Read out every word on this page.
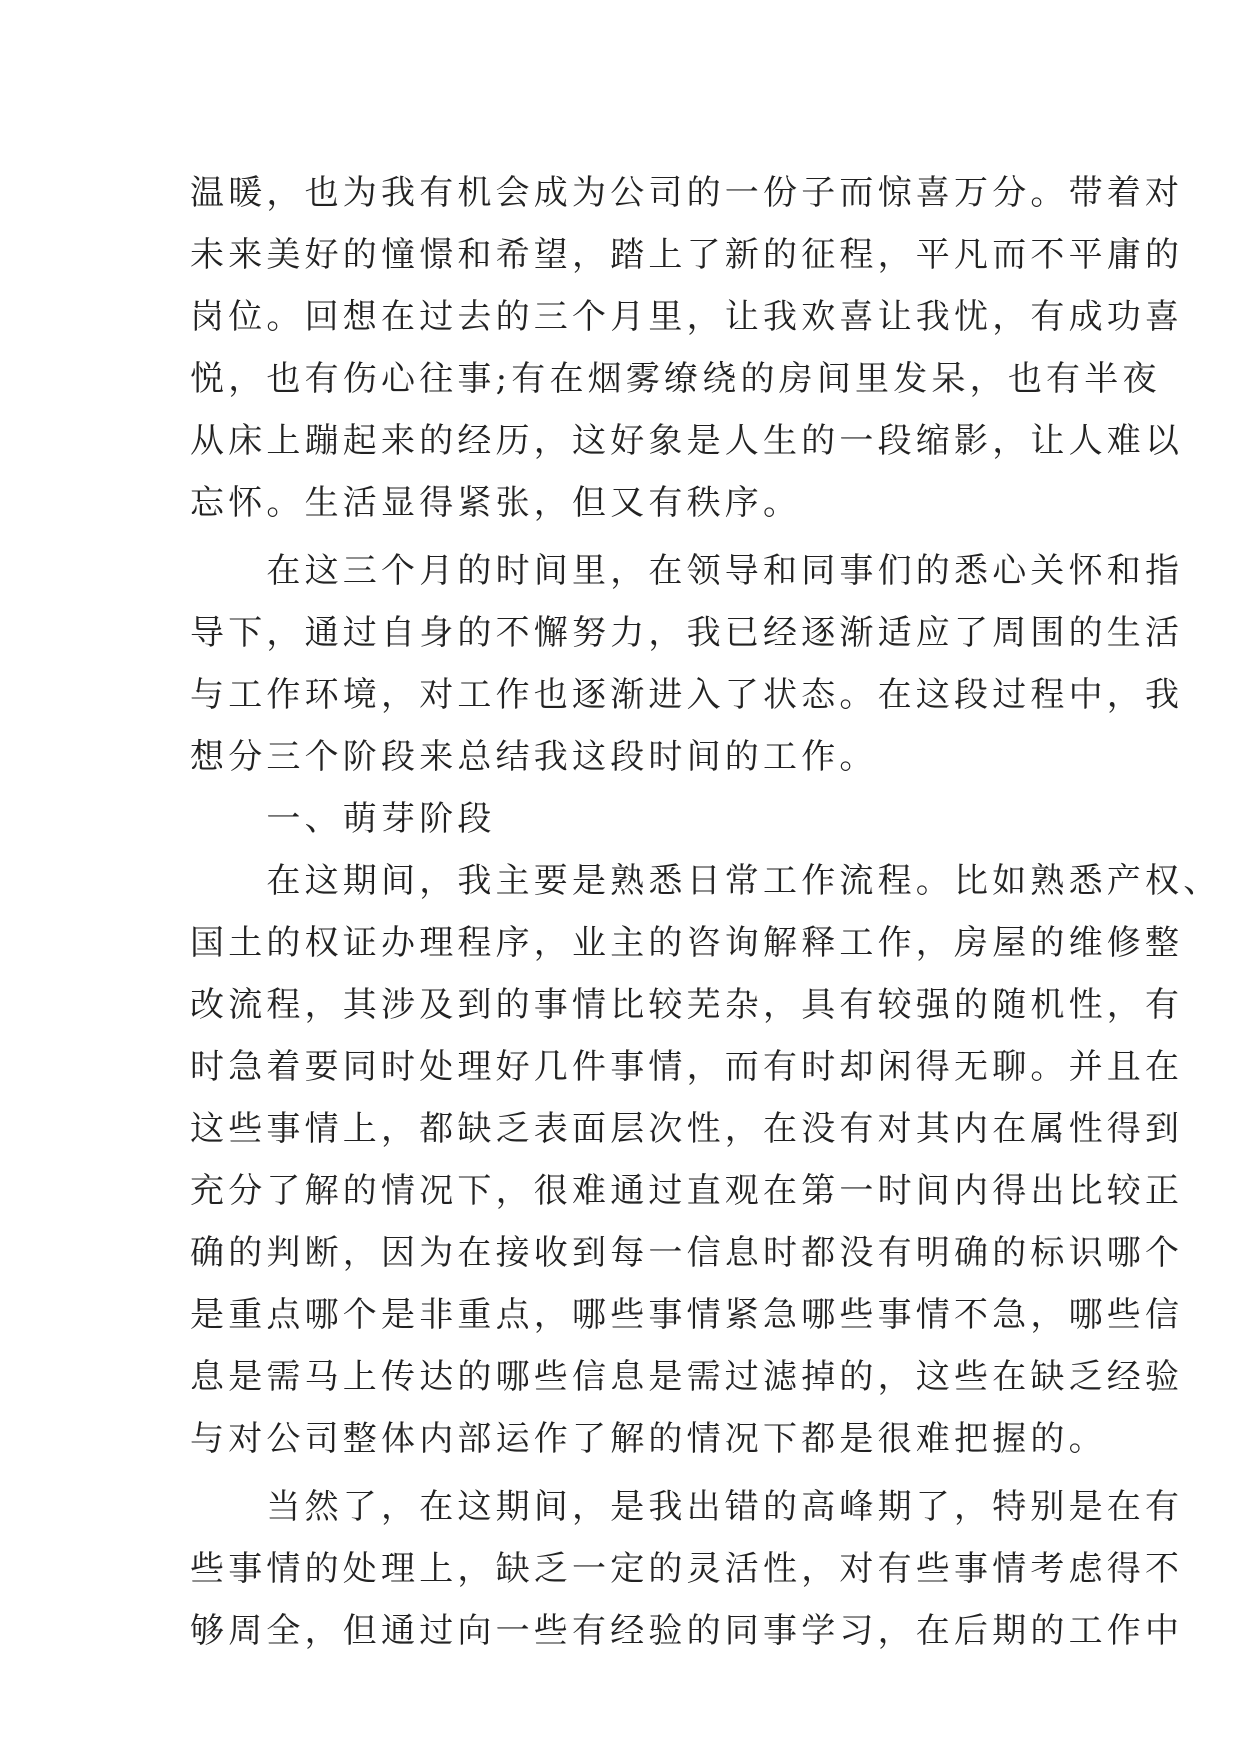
温暖，也为我有机会成为公司的一份子而惊喜万分。带着对
未来美好的憧憬和希望，踏上了新的征程，平凡而不平庸的
岗位。回想在过去的三个月里，让我欢喜让我忧，有成功喜
悦，也有伤心往事;有在烟雾缭绕的房间里发呆，也有半夜
从床上蹦起来的经历，这好象是人生的一段缩影，让人难以
忘怀。生活显得紧张，但又有秩序。
　　在这三个月的时间里，在领导和同事们的悉心关怀和指
导下，通过自身的不懈努力，我已经逐渐适应了周围的生活
与工作环境，对工作也逐渐进入了状态。在这段过程中，我
想分三个阶段来总结我这段时间的工作。
　　一、萌芽阶段
　　在这期间，我主要是熟悉日常工作流程。比如熟悉产权、
国土的权证办理程序，业主的咨询解释工作，房屋的维修整
改流程，其涉及到的事情比较芜杂，具有较强的随机性，有
时急着要同时处理好几件事情，而有时却闲得无聊。并且在
这些事情上，都缺乏表面层次性，在没有对其内在属性得到
充分了解的情况下，很难通过直观在第一时间内得出比较正
确的判断，因为在接收到每一信息时都没有明确的标识哪个
是重点哪个是非重点，哪些事情紧急哪些事情不急，哪些信
息是需马上传达的哪些信息是需过滤掉的，这些在缺乏经验
与对公司整体内部运作了解的情况下都是很难把握的。
　　当然了，在这期间，是我出错的高峰期了，特别是在有
些事情的处理上，缺乏一定的灵活性，对有些事情考虑得不
够周全，但通过向一些有经验的同事学习，在后期的工作中
